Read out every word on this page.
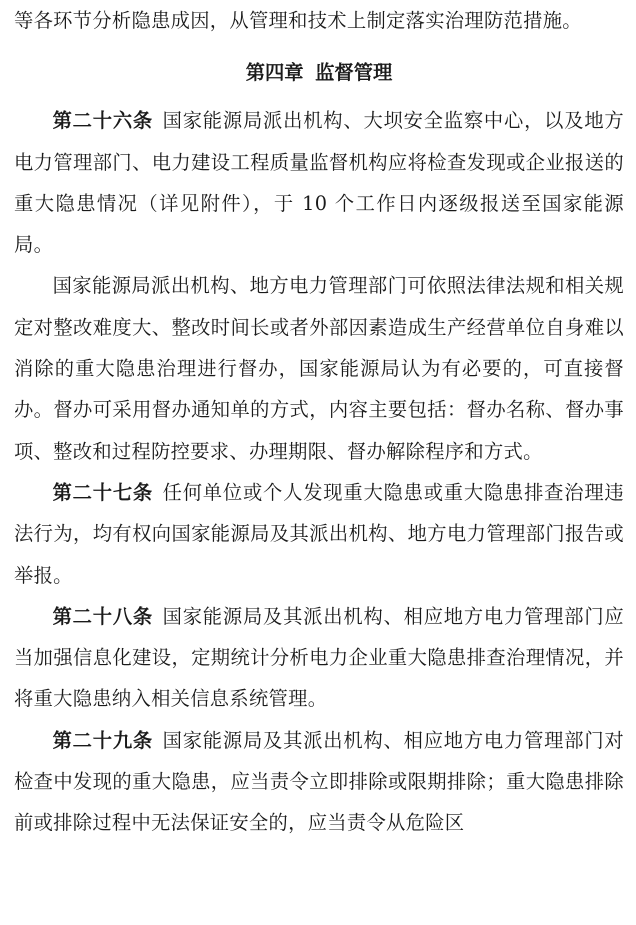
等各环节分析隐患成因，从管理和技术上制定落实治理防范措施。

第四章 监督管理

第二十六条 国家能源局派出机构、大坝安全监察中心，以及地方电力管理部门、电力建设工程质量监督机构应将检查发现或企业报送的重大隐患情况（详见附件），于 10 个工作日内逐级报送至国家能源局。

国家能源局派出机构、地方电力管理部门可依照法律法规和相关规定对整改难度大、整改时间长或者外部因素造成生产经营单位自身难以消除的重大隐患治理进行督办，国家能源局认为有必要的，可直接督办。督办可采用督办通知单的方式，内容主要包括：督办名称、督办事项、整改和过程防控要求、办理期限、督办解除程序和方式。

第二十七条 任何单位或个人发现重大隐患或重大隐患排查治理违法行为，均有权向国家能源局及其派出机构、地方电力管理部门报告或举报。

第二十八条 国家能源局及其派出机构、相应地方电力管理部门应当加强信息化建设，定期统计分析电力企业重大隐患排查治理情况，并将重大隐患纳入相关信息系统管理。

第二十九条 国家能源局及其派出机构、相应地方电力管理部门对检查中发现的重大隐患，应当责令立即排除或限期排除；重大隐患排除前或排除过程中无法保证安全的，应当责令从危险区
